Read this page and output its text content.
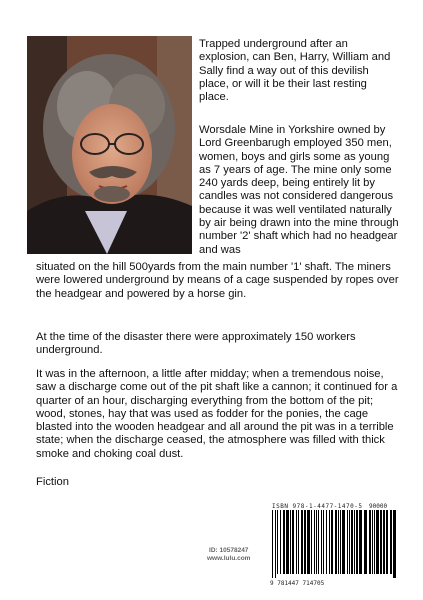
Trapped underground after an explosion, can Ben, Harry, William and Sally find a way out of this devilish place, or will it be their last resting place.

Worsdale Mine in Yorkshire owned by Lord Greenbarugh employed 350 men, women, boys and girls some as young as 7 years of age. The mine only some 240 yards deep, being entirely lit by candles was not considered dangerous because it was well ventilated naturally by air being drawn into the mine through number '2' shaft which had no headgear and was

situated on the hill 500yards from the main number '1' shaft. The miners were lowered underground by means of a cage suspended by ropes over the headgear and powered by a horse gin.

At the time of the disaster there were approximately 150 workers underground.

It was in the afternoon, a little after midday; when a tremendous noise, saw a discharge come out of the pit shaft like a cannon; it continued for a quarter of an hour, discharging everything from the bottom of the pit; wood, stones, hay that was used as fodder for the ponies, the cage blasted into the wooden headgear and all around the pit was in a terrible state; when the discharge ceased, the atmosphere was filled with thick smoke and choking coal dust.

Fiction

ID: 10578247
www.lulu.com
ISBN 978-1-4477-1470-5 90000
9 781447 714705
